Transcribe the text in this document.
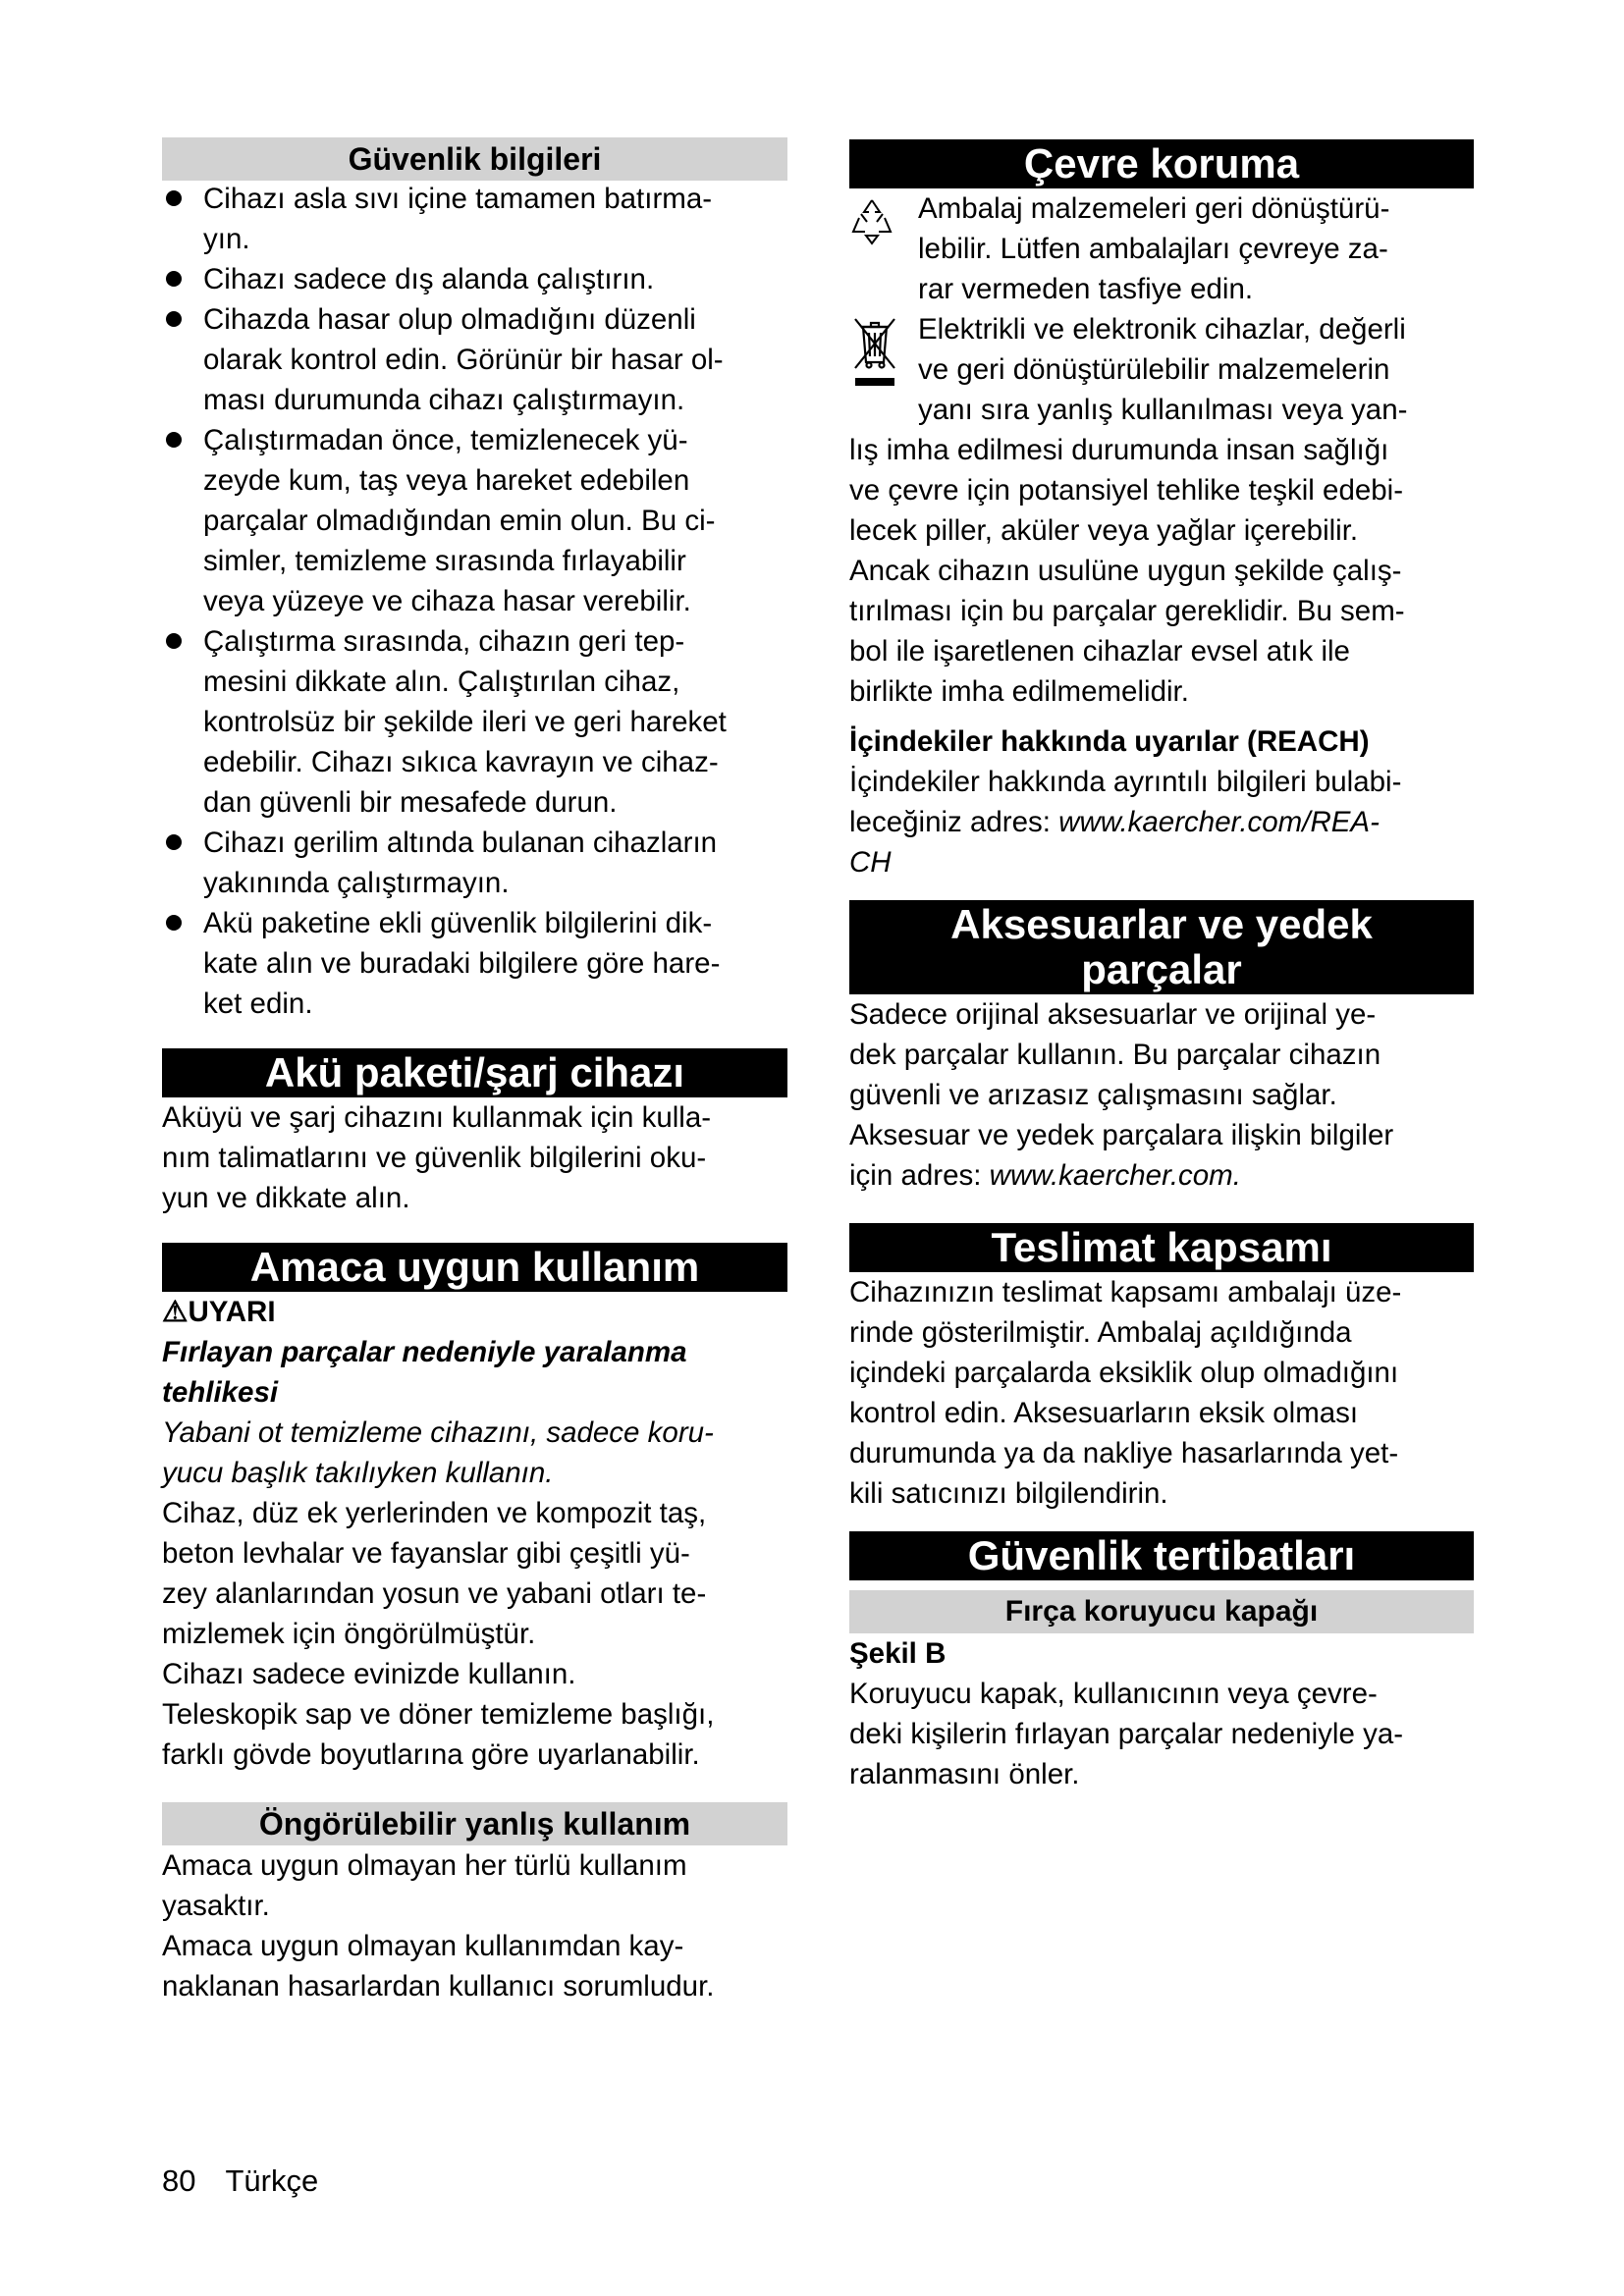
Güvenlik bilgileri
Cihazı asla sıvı içine tamamen batırma-
yın.
Cihazı sadece dış alanda çalıştırın.
Cihazda hasar olup olmadığını düzenli
olarak kontrol edin. Görünür bir hasar ol-
ması durumunda cihazı çalıştırmayın.
Çalıştırmadan önce, temizlenecek yü-
zeyde kum, taş veya hareket edebilen
parçalar olmadığından emin olun. Bu ci-
simler, temizleme sırasında fırlayabilir
veya yüzeye ve cihaza hasar verebilir.
Çalıştırma sırasında, cihazın geri tep-
mesini dikkate alın. Çalıştırılan cihaz,
kontrolsüz bir şekilde ileri ve geri hareket
edebilir. Cihazı sıkıca kavrayın ve cihaz-
dan güvenli bir mesafede durun.
Cihazı gerilim altında bulanan cihazların
yakınında çalıştırmayın.
Akü paketine ekli güvenlik bilgilerini dik-
kate alın ve buradaki bilgilere göre hare-
ket edin.
Akü paketi/şarj cihazı

Aküyü ve şarj cihazını kullanmak için kulla-
nım talimatlarını ve güvenlik bilgilerini oku-
yun ve dikkate alın.

Amaca uygun kullanım

⚠UYARI

Fırlayan parçalar nedeniyle yaralanma
tehlikesi

Yabani ot temizleme cihazını, sadece koru-
yucu başlık takılıyken kullanın.

Cihaz, düz ek yerlerinden ve kompozit taş,
beton levhalar ve fayanslar gibi çeşitli yü-
zey alanlarından yosun ve yabani otları te-
mizlemek için öngörülmüştür.

Cihazı sadece evinizde kullanın.

Teleskopik sap ve döner temizleme başlığı,
farklı gövde boyutlarına göre uyarlanabilir.

Öngörülebilir yanlış kullanım

Amaca uygun olmayan her türlü kullanım
yasaktır.

Amaca uygun olmayan kullanımdan kay-
naklanan hasarlardan kullanıcı sorumludur.

Çevre koruma

Ambalaj malzemeleri geri dönüştürü-
lebilir. Lütfen ambalajları çevreye za-
rar vermeden tasfiye edin.

Elektrikli ve elektronik cihazlar, değerli
ve geri dönüştürülebilir malzemelerin
yanı sıra yanlış kullanılması veya yan-

lış imha edilmesi durumunda insan sağlığı
ve çevre için potansiyel tehlike teşkil edebi-
lecek piller, aküler veya yağlar içerebilir.
Ancak cihazın usulüne uygun şekilde çalış-
tırılması için bu parçalar gereklidir. Bu sem-
bol ile işaretlenen cihazlar evsel atık ile
birlikte imha edilmemelidir.

İçindekiler hakkında uyarılar (REACH)

İçindekiler hakkında ayrıntılı bilgileri bulabi-
leceğiniz adres: www.kaercher.com/REA-
CH

Aksesuarlar ve yedek
parçalar

Sadece orijinal aksesuarlar ve orijinal ye-
dek parçalar kullanın. Bu parçalar cihazın
güvenli ve arızasız çalışmasını sağlar.
Aksesuar ve yedek parçalara ilişkin bilgiler
için adres: www.kaercher.com.

Teslimat kapsamı

Cihazınızın teslimat kapsamı ambalajı üze-
rinde gösterilmiştir. Ambalaj açıldığında
içindeki parçalarda eksiklik olup olmadığını
kontrol edin. Aksesuarların eksik olması
durumunda ya da nakliye hasarlarında yet-
kili satıcınızı bilgilendirin.

Güvenlik tertibatları
Fırça koruyucu kapağı

Şekil B

Koruyucu kapak, kullanıcının veya çevre-
deki kişilerin fırlayan parçalar nedeniyle ya-
ralanmasını önler.

80 Türkçe
